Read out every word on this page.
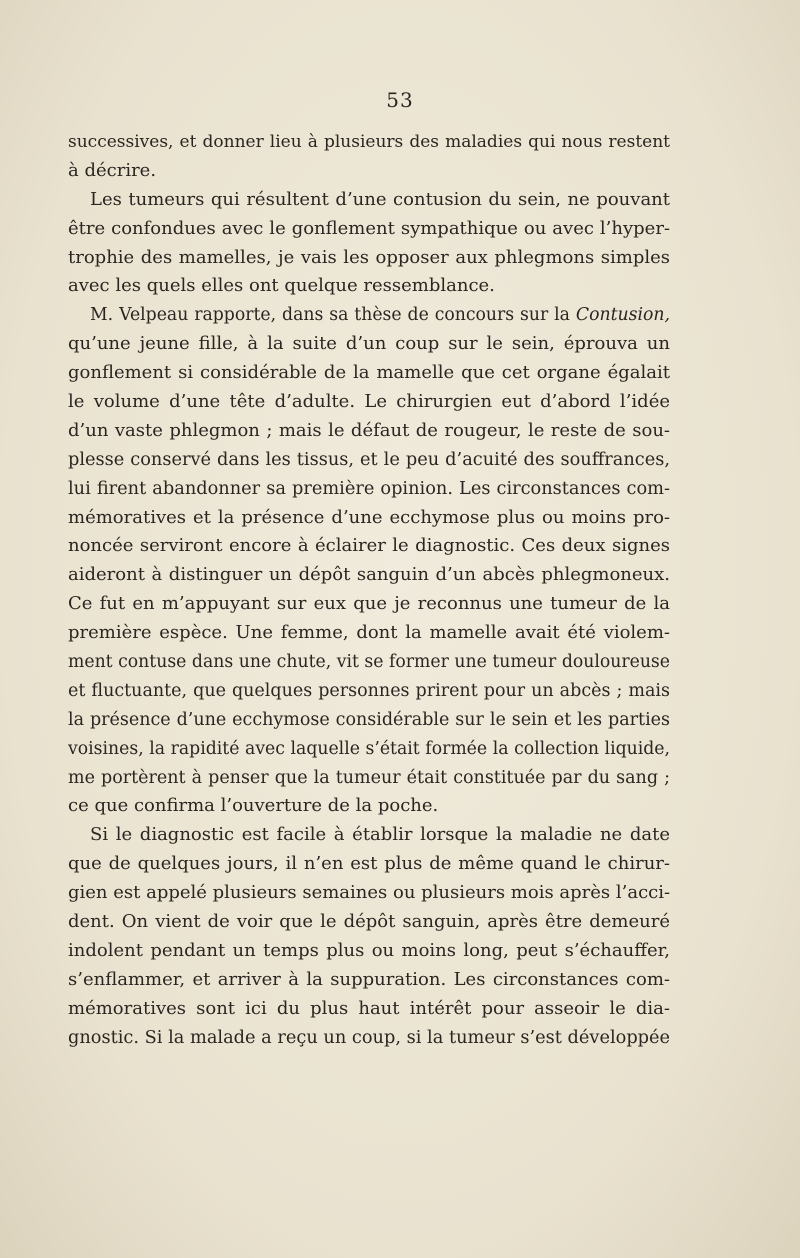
53
successives, et donner lieu à plusieurs des maladies qui nous restent
à décrire.
Les tumeurs qui résultent d’une contusion du sein, ne pouvant
être confondues avec le gonflement sympathique ou avec l’hyper-
trophie des mamelles, je vais les opposer aux phlegmons simples
avec les quels elles ont quelque ressemblance.
M. Velpeau rapporte, dans sa thèse de concours sur la Contusion,
qu’une jeune fille, à la suite d’un coup sur le sein, éprouva un
gonflement si considérable de la mamelle que cet organe égalait
le volume d’une tête d’adulte. Le chirurgien eut d’abord l’idée
d’un vaste phlegmon ; mais le défaut de rougeur, le reste de sou-
plesse conservé dans les tissus, et le peu d’acuité des souffrances,
lui firent abandonner sa première opinion. Les circonstances com-
mémoratives et la présence d’une ecchymose plus ou moins pro-
noncée serviront encore à éclairer le diagnostic. Ces deux signes
aideront à distinguer un dépôt sanguin d’un abcès phlegmoneux.
Ce fut en m’appuyant sur eux que je reconnus une tumeur de la
première espèce. Une femme, dont la mamelle avait été violem-
ment contuse dans une chute, vit se former une tumeur douloureuse
et fluctuante, que quelques personnes prirent pour un abcès ; mais
la présence d’une ecchymose considérable sur le sein et les parties
voisines, la rapidité avec laquelle s’était formée la collection liquide,
me portèrent à penser que la tumeur était constituée par du sang ;
ce que confirma l’ouverture de la poche.
Si le diagnostic est facile à établir lorsque la maladie ne date
que de quelques jours, il n’en est plus de même quand le chirur-
gien est appelé plusieurs semaines ou plusieurs mois après l’acci-
dent. On vient de voir que le dépôt sanguin, après être demeuré
indolent pendant un temps plus ou moins long, peut s’échauffer,
s’enflammer, et arriver à la suppuration. Les circonstances com-
mémoratives sont ici du plus haut intérêt pour asseoir le dia-
gnostic. Si la malade a reçu un coup, si la tumeur s’est développée
